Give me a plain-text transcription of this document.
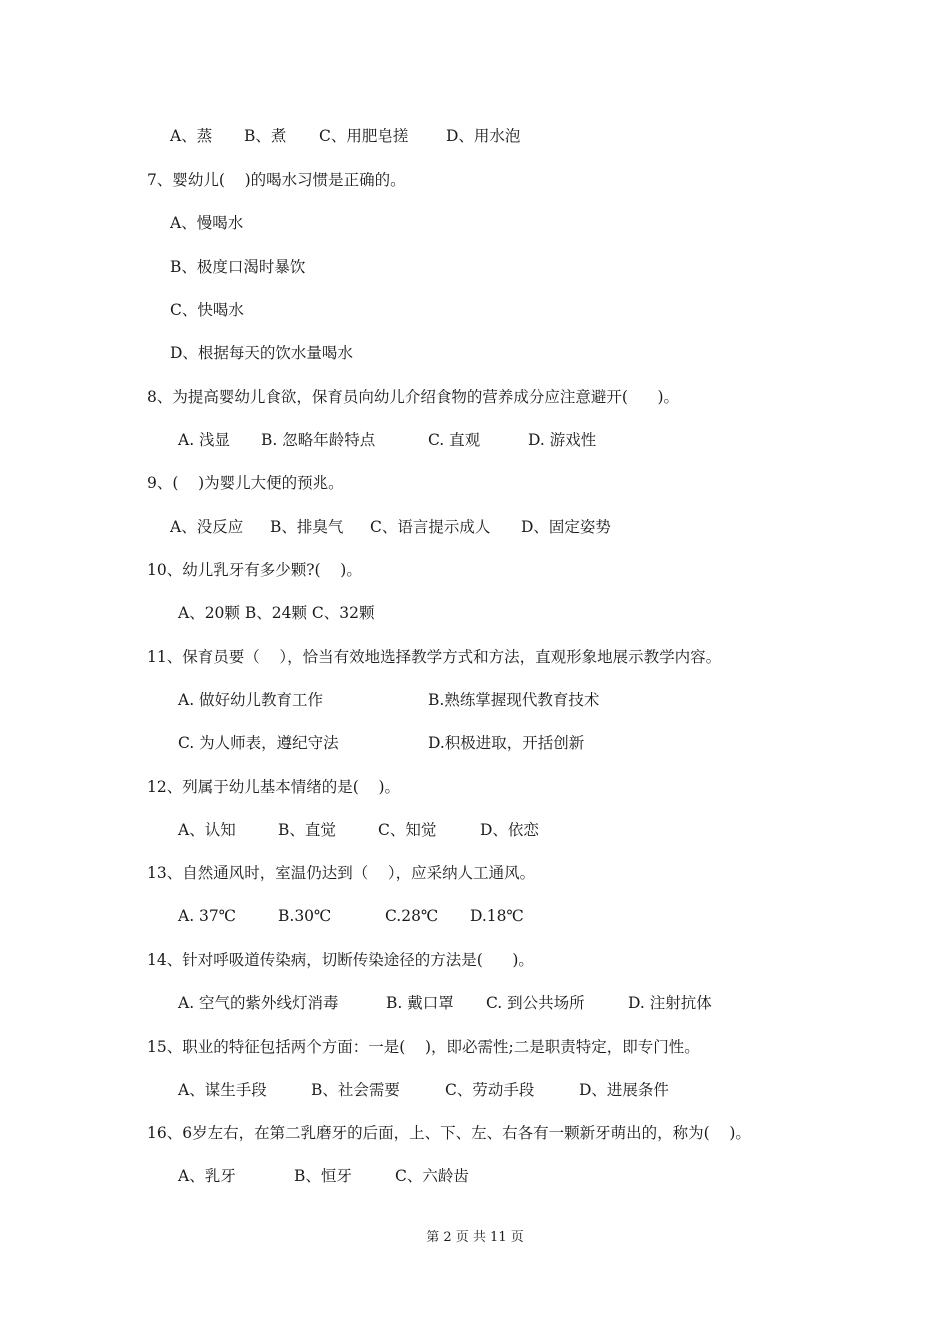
A、蒸 B、煮 C、用肥皂搓 D、用水泡
7、婴幼儿(    )的喝水习惯是正确的。
A、慢喝水
B、极度口渴时暴饮
C、快喝水
D、根据每天的饮水量喝水
8、为提高婴幼儿食欲，保育员向幼儿介绍食物的营养成分应注意避开(      )。
A. 浅显 B. 忽略年龄特点	C. 直观	D. 游戏性
9、(    )为婴儿大便的预兆。
A、没反应 B、排臭气 C、语言提示成人 D、固定姿势
10、幼儿乳牙有多少颗?(    )。
A、20颗 B、24颗 C、32颗
11、保育员要（    ），恰当有效地选择教学方式和方法，直观形象地展示教学内容。
A. 做好幼儿教育工作	B.熟练掌握现代教育技术
C. 为人师表，遵纪守法	D.积极进取，开括创新
12、列属于幼儿基本情绪的是(    )。
A、认知	B、直觉	C、知觉	D、依恋
13、自然通风时，室温仍达到（    ），应采纳人工通风。
A. 37℃	B.30℃	C.28℃ D.18℃
14、针对呼吸道传染病，切断传染途径的方法是(      )。
A. 空气的紫外线灯消毒	B. 戴口罩 C. 到公共场所	D. 注射抗体
15、职业的特征包括两个方面：一是(    )，即必需性;二是职责特定，即专门性。
A、谋生手段	B、社会需要	C、劳动手段	D、进展条件
16、6岁左右，在第二乳磨牙的后面，上、下、左、右各有一颗新牙萌出的，称为(    )。
A、乳牙	B、恒牙	C、六龄齿
第 2 页 共 11 页
